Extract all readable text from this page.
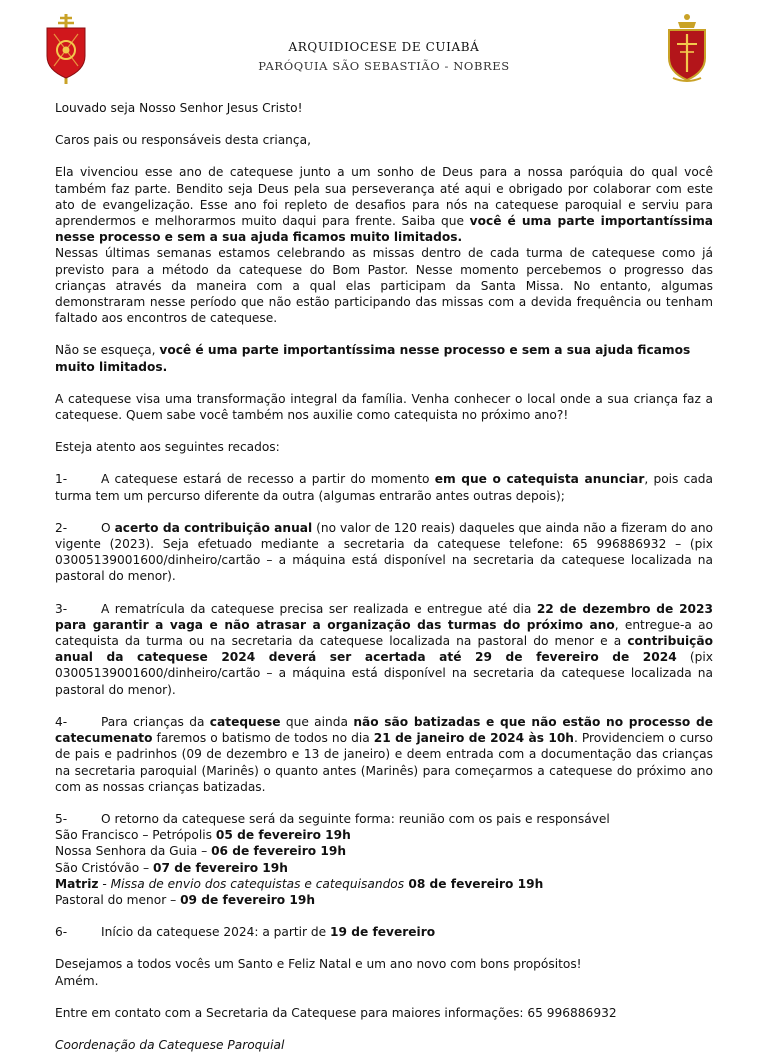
ARQUIDIOCESE DE CUIABÁ
PARÓQUIA SÃO SEBASTIÃO - NOBRES

Louvado seja Nosso Senhor Jesus Cristo!

Caros pais ou responsáveis desta criança,

Ela vivenciou esse ano de catequese junto a um sonho de Deus para a nossa paróquia do qual você também faz parte. Bendito seja Deus pela sua perseverança até aqui e obrigado por colaborar com este ato de evangelização. Esse ano foi repleto de desafios para nós na catequese paroquial e serviu para aprendermos e melhorarmos muito daqui para frente. Saiba que você é uma parte importantíssima nesse processo e sem a sua ajuda ficamos muito limitados.

Nessas últimas semanas estamos celebrando as missas dentro de cada turma de catequese como já previsto para a método da catequese do Bom Pastor. Nesse momento percebemos o progresso das crianças através da maneira com a qual elas participam da Santa Missa. No entanto, algumas demonstraram nesse período que não estão participando das missas com a devida frequência ou tenham faltado aos encontros de catequese.

Não se esqueça, você é uma parte importantíssima nesse processo e sem a sua ajuda ficamos muito limitados.

A catequese visa uma transformação integral da família. Venha conhecer o local onde a sua criança faz a catequese. Quem sabe você também nos auxilie como catequista no próximo ano?!

Esteja atento aos seguintes recados:

1-	A catequese estará de recesso a partir do momento em que o catequista anunciar, pois cada turma tem um percurso diferente da outra (algumas entrarão antes outras depois);

2-	O acerto da contribuição anual (no valor de 120 reais) daqueles que ainda não a fizeram do ano vigente (2023). Seja efetuado mediante a secretaria da catequese telefone: 65 996886932 – (pix 03005139001600/dinheiro/cartão – a máquina está disponível na secretaria da catequese localizada na pastoral do menor).

3-	A rematrícula da catequese precisa ser realizada e entregue até dia 22 de dezembro de 2023 para garantir a vaga e não atrasar a organização das turmas do próximo ano, entregue-a ao catequista da turma ou na secretaria da catequese localizada na pastoral do menor e a contribuição anual da catequese 2024 deverá ser acertada até 29 de fevereiro de 2024 (pix 03005139001600/dinheiro/cartão – a máquina está disponível na secretaria da catequese localizada na pastoral do menor).

4-	Para crianças da catequese que ainda não são batizadas e que não estão no processo de catecumenato faremos o batismo de todos no dia 21 de janeiro de 2024 às 10h. Providenciem o curso de pais e padrinhos (09 de dezembro e 13 de janeiro) e deem entrada com a documentação das crianças na secretaria paroquial (Marinês) o quanto antes (Marinês) para começarmos a catequese do próximo ano com as nossas crianças batizadas.

5-	O retorno da catequese será da seguinte forma: reunião com os pais e responsável

São Francisco – Petrópolis 05 de fevereiro 19h

Nossa Senhora da Guia – 06 de fevereiro 19h

São Cristóvão – 07 de fevereiro 19h

Matriz - Missa de envio dos catequistas e catequisandos 08 de fevereiro 19h

Pastoral do menor – 09 de fevereiro 19h

6-	Início da catequese 2024: a partir de 19 de fevereiro

Desejamos a todos vocês um Santo e Feliz Natal e um ano novo com bons propósitos!

Amém.

Entre em contato com a Secretaria da Catequese para maiores informações: 65 996886932

Coordenação da Catequese Paroquial
